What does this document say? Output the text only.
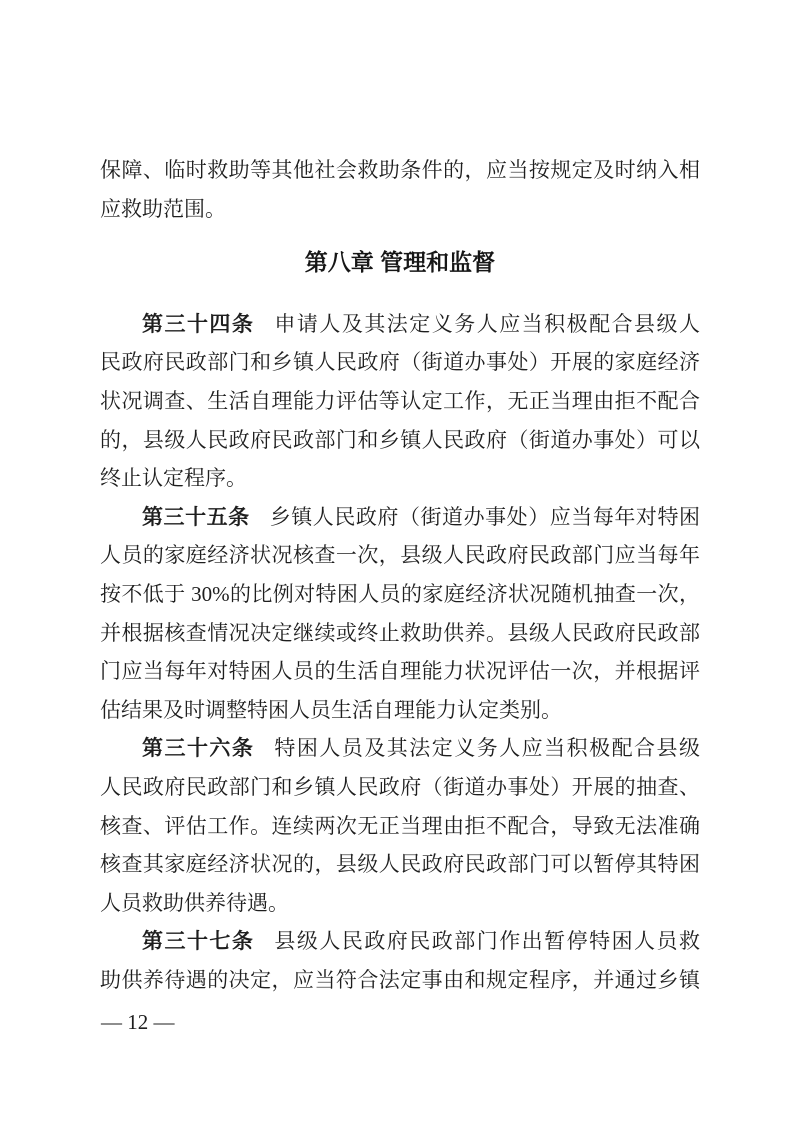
保障、临时救助等其他社会救助条件的，应当按规定及时纳入相
应救助范围。
第八章 管理和监督
第三十四条 申请人及其法定义务人应当积极配合县级人
民政府民政部门和乡镇人民政府（街道办事处）开展的家庭经济
状况调查、生活自理能力评估等认定工作，无正当理由拒不配合
的，县级人民政府民政部门和乡镇人民政府（街道办事处）可以
终止认定程序。
第三十五条 乡镇人民政府（街道办事处）应当每年对特困
人员的家庭经济状况核查一次，县级人民政府民政部门应当每年
按不低于 30%的比例对特困人员的家庭经济状况随机抽查一次，
并根据核查情况决定继续或终止救助供养。县级人民政府民政部
门应当每年对特困人员的生活自理能力状况评估一次，并根据评
估结果及时调整特困人员生活自理能力认定类别。
第三十六条 特困人员及其法定义务人应当积极配合县级
人民政府民政部门和乡镇人民政府（街道办事处）开展的抽查、
核查、评估工作。连续两次无正当理由拒不配合，导致无法准确
核查其家庭经济状况的，县级人民政府民政部门可以暂停其特困
人员救助供养待遇。
第三十七条 县级人民政府民政部门作出暂停特困人员救
助供养待遇的决定，应当符合法定事由和规定程序，并通过乡镇
— 12 —
